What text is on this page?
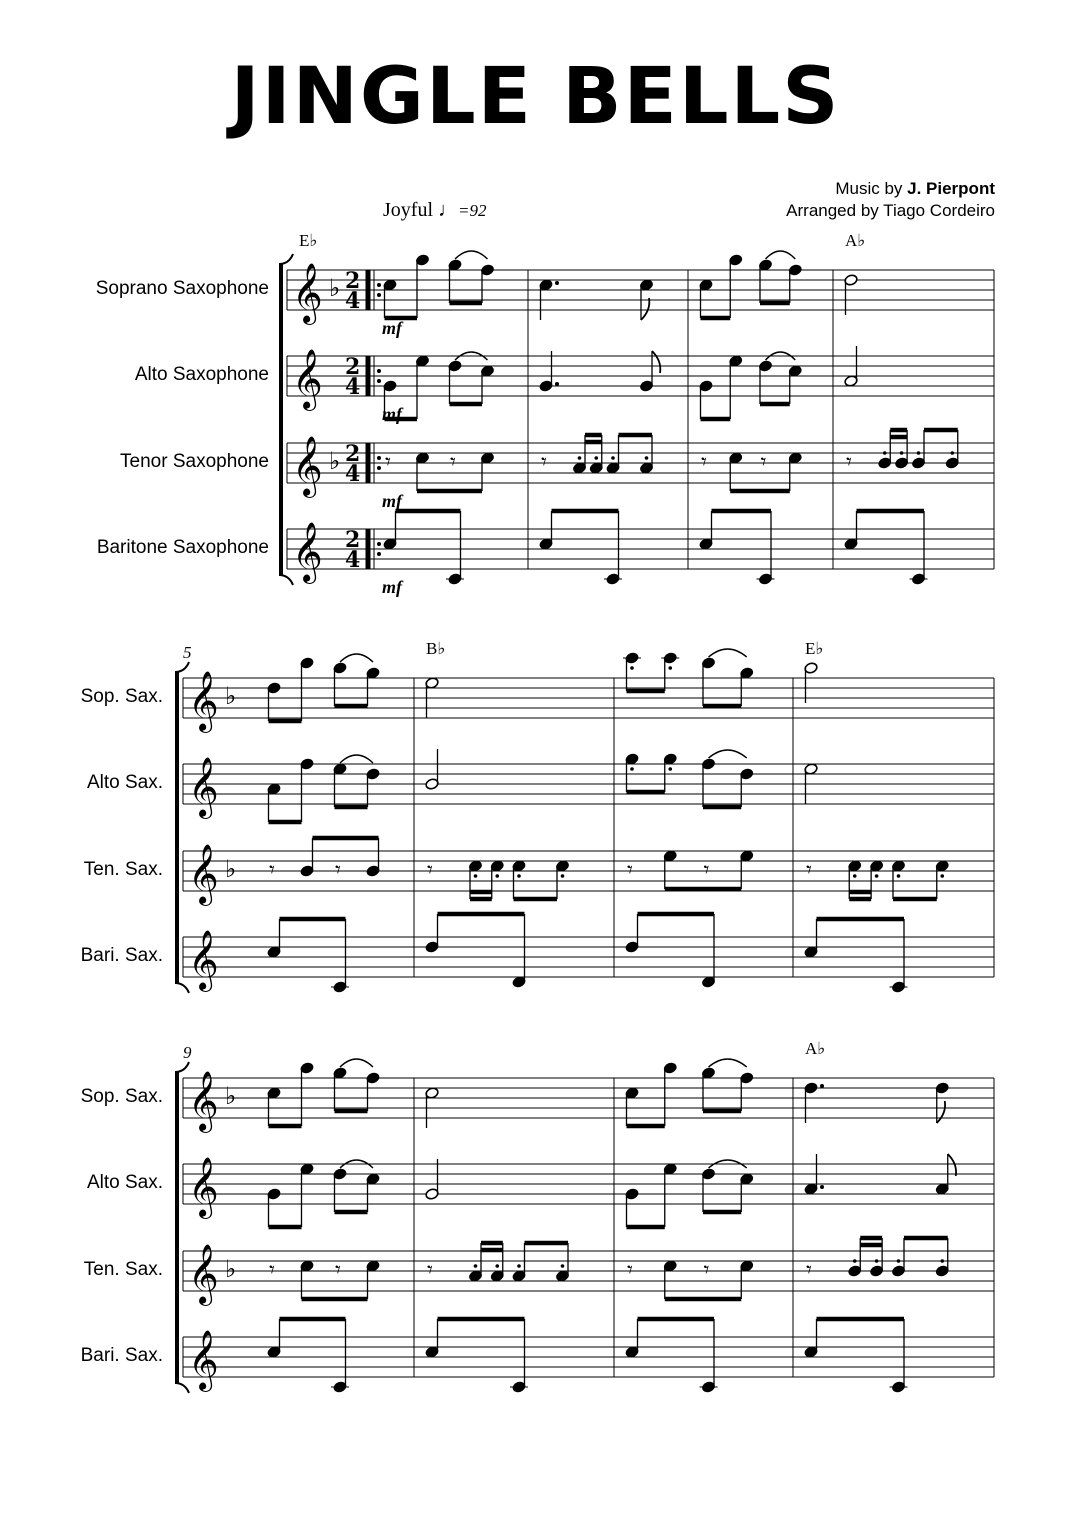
JINGLE BELLS
Music by J. Pierpont
Arranged by Tiago Cordeiro
Joyful ♩=92
E♭	A♭
Soprano Saxophone 𝄞 ♭ 2
4
mf
Alto Saxophone 𝄞 2
4
mf
Tenor Saxophone 𝄞 ♭ 2
4
mf
𝄾	𝄾	𝄾	𝄾 𝄾	𝄾
Baritone Saxophone 𝄞 2
4
mf
5	B♭	E♭
Sop. Sax. 𝄞 ♭
Alto Sax. 𝄞
Ten. Sax. 𝄞 ♭ 𝄾	𝄾	𝄾	𝄾	𝄾	𝄾
Bari. Sax. 𝄞
9	A♭
Sop. Sax. 𝄞 ♭
Alto Sax. 𝄞
Ten. Sax. 𝄞 ♭ 𝄾	𝄾	𝄾	𝄾	𝄾	𝄾
Bari. Sax. 𝄞
